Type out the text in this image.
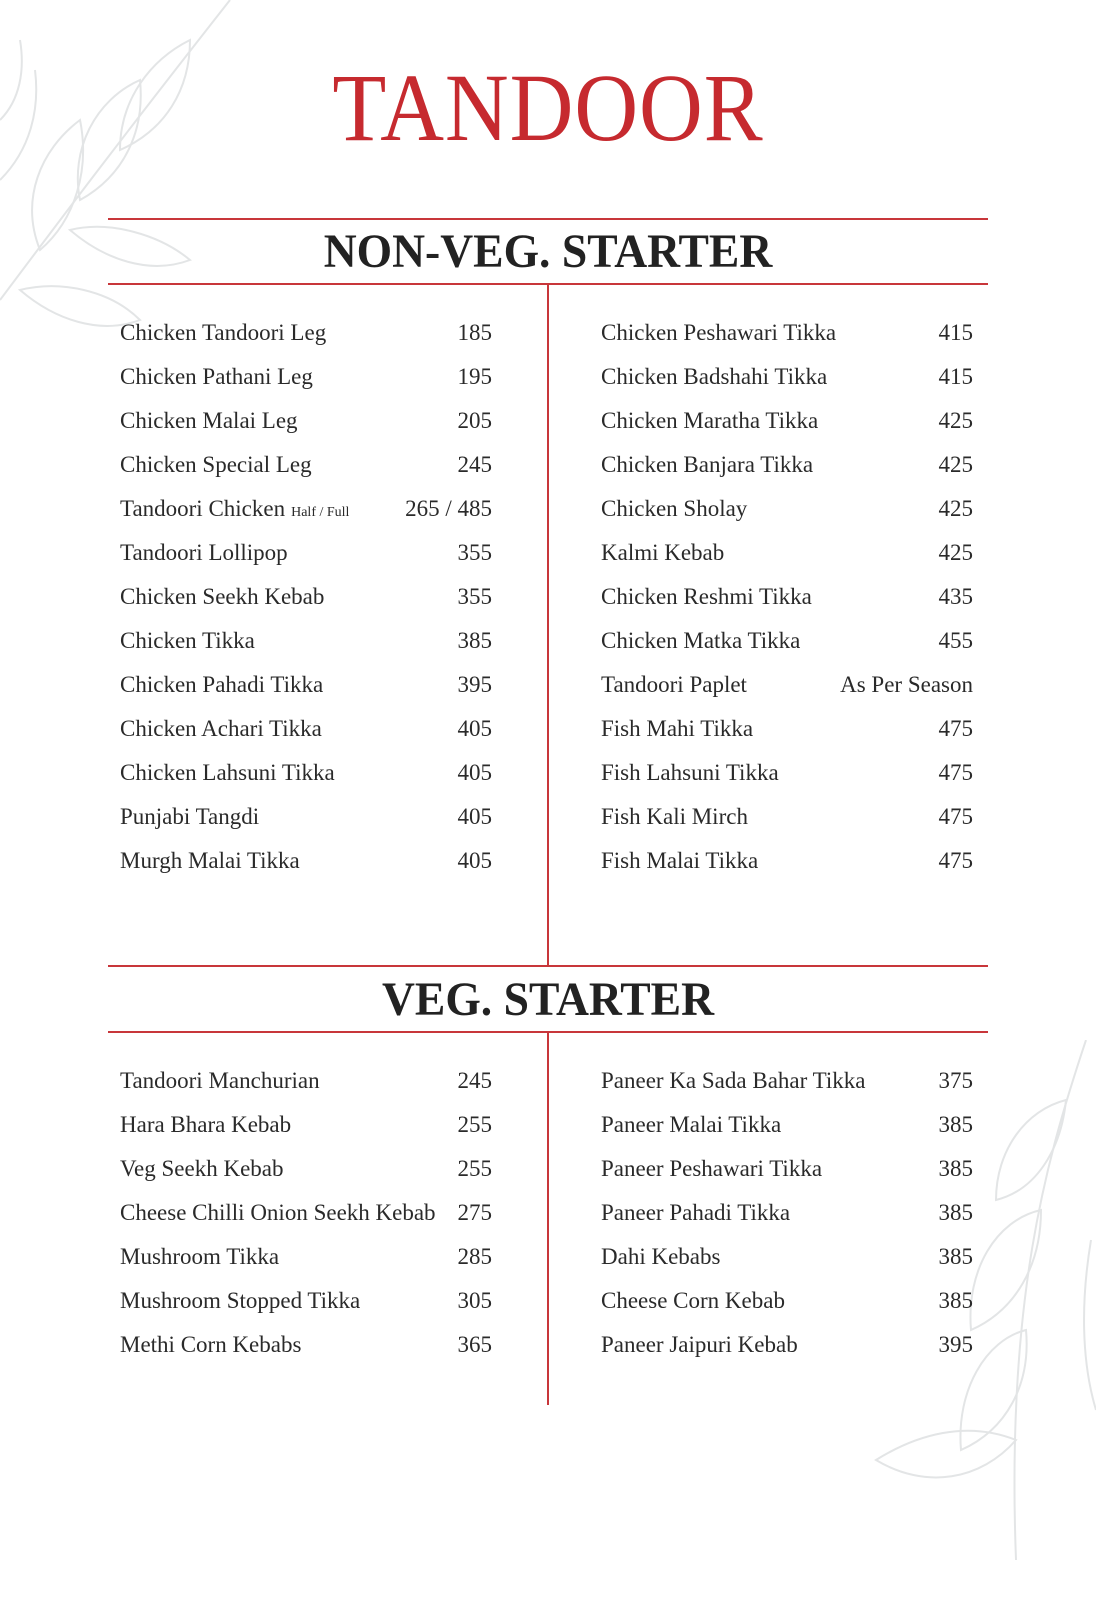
TANDOOR
NON-VEG. STARTER
Chicken Tandoori Leg	185
Chicken Pathani Leg	195
Chicken Malai Leg	205
Chicken Special Leg	245
Tandoori Chicken Half / Full 265 / 485
Tandoori Lollipop	355
Chicken Seekh Kebab	355
Chicken Tikka	385
Chicken Pahadi Tikka	395
Chicken Achari Tikka	405
Chicken Lahsuni Tikka	405
Punjabi Tangdi	405
Murgh Malai Tikka	405
Chicken Peshawari Tikka	415
Chicken Badshahi Tikka	415
Chicken Maratha Tikka	425
Chicken Banjara Tikka	425
Chicken Sholay	425
Kalmi Kebab	425
Chicken Reshmi Tikka	435
Chicken Matka Tikka	455
Tandoori Paplet	As Per Season
Fish Mahi Tikka	475
Fish Lahsuni Tikka	475
Fish Kali Mirch	475
Fish Malai Tikka	475
VEG. STARTER
Tandoori Manchurian	245
Hara Bhara Kebab	255
Veg Seekh Kebab	255
Cheese Chilli Onion Seekh Kebab 275
Mushroom Tikka	285
Mushroom Stopped Tikka	305
Methi Corn Kebabs	365
Paneer Ka Sada Bahar Tikka	375
Paneer Malai Tikka	385
Paneer Peshawari Tikka	385
Paneer Pahadi Tikka	385
Dahi Kebabs	385
Cheese Corn Kebab	385
Paneer Jaipuri Kebab	395
